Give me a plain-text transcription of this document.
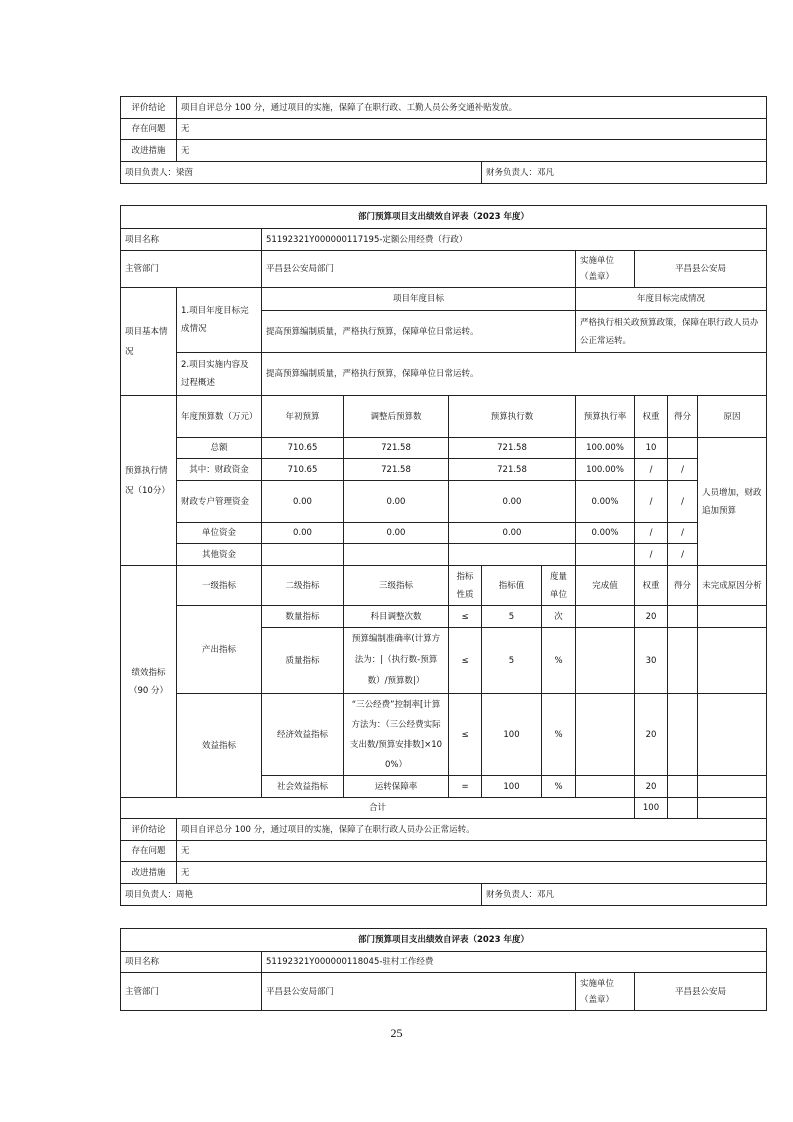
评价结论	项目自评总分 100 分，通过项目的实施，保障了在职行政、工勤人员公务交通补贴发放。	
存在问题	无	
改进措施	无	
项目负责人：梁茵		财务负责人：邓凡
部门预算项目支出绩效自评表（2023 年度）										
项目名称		51192321Y000000117195-定额公用经费（行政）								
主管部门		平昌县公安局部门					实施单位（盖章）	平昌县公安局		
项目基本情况	1.项目年度目标完成情况	项目年度目标					年度目标完成情况			
		提高预算编制质量，严格执行预算，保障单位日常运转。					严格执行相关政预算政策，保障在职行政人员办公正常运转。			
	2.项目实施内容及过程概述	提高预算编制质量，严格执行预算，保障单位日常运转。								
预算执行情况（10分）	年度预算数（万元）	年初预算	调整后预算数	预算执行数			预算执行率	权重	得分	原因
	总额	710.65	721.58	721.58			100.00%	10		人员增加，财政追加预算
	其中：财政资金	710.65	721.58	721.58			100.00%	/	/	
	财政专户管理资金	0.00	0.00	0.00			0.00%	/	/	
	单位资金	0.00	0.00	0.00			0.00%	/	/	
	其他资金							/	/	
绩效指标（90 分）	一级指标	二级指标	三级指标	指标性质	指标值	度量单位	完成值	权重	得分	未完成原因分析
	产出指标	数量指标	科目调整次数	≤	5	次		20		
		质量指标	预算编制准确率(计算方法为：|（执行数-预算数）/预算数|）	≤	5	%		30		
	效益指标	经济效益指标	“三公经费”控制率[计算方法为：（三公经费实际支出数/预算安排数]×100%）	≤	100	%		20		
		社会效益指标	运转保障率	=	100	%		20		
合计								100		
评价结论	项目自评总分 100 分，通过项目的实施，保障了在职行政人员办公正常运转。									
存在问题	无									
改进措施	无									
项目负责人：周艳					财务负责人：邓凡					
部门预算项目支出绩效自评表（2023 年度）			
项目名称	51192321Y000000118045-驻村工作经费		
主管部门	平昌县公安局部门	实施单位（盖章）	平昌县公安局
25
